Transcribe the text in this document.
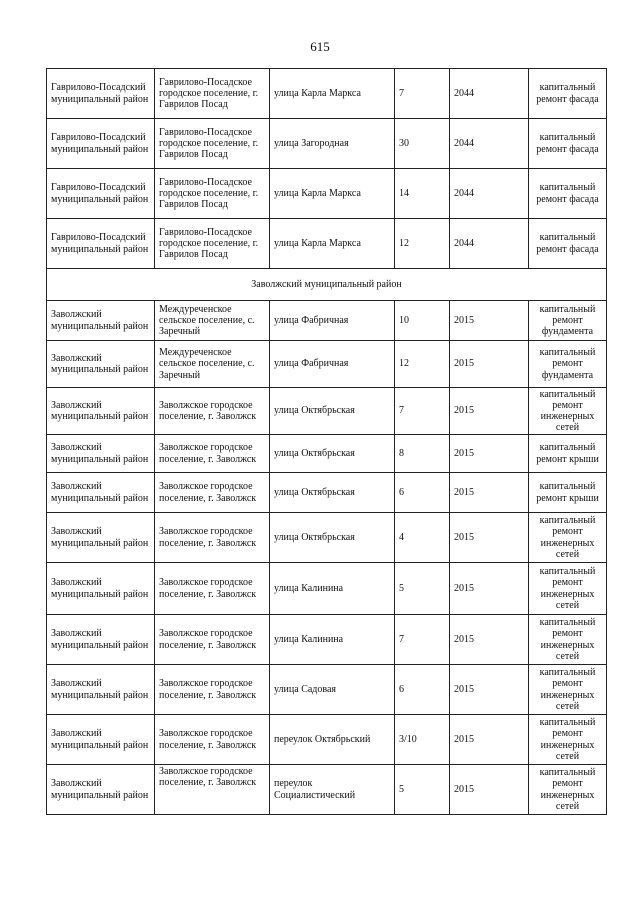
615
Гаврилово-Посадский муниципальный район	Гаврилово-Посадское городское поселение, г. Гаврилов Посад	улица Карла Маркса	7	2044	капитальный ремонт фасада
Гаврилово-Посадский муниципальный район	Гаврилово-Посадское городское поселение, г. Гаврилов Посад	улица Загородная	30	2044	капитальный ремонт фасада
Гаврилово-Посадский муниципальный район	Гаврилово-Посадское городское поселение, г. Гаврилов Посад	улица Карла Маркса	14	2044	капитальный ремонт фасада
Гаврилово-Посадский муниципальный район	Гаврилово-Посадское городское поселение, г. Гаврилов Посад	улица Карла Маркса	12	2044	капитальный ремонт фасада
Заволжский муниципальный район					
Заволжский муниципальный район	Междуреченское сельское поселение, с. Заречный	улица Фабричная	10	2015	капитальный ремонт фундамента
Заволжский муниципальный район	Междуреченское сельское поселение, с. Заречный	улица Фабричная	12	2015	капитальный ремонт фундамента
Заволжский муниципальный район	Заволжское городское поселение, г. Заволжск	улица Октябрьская	7	2015	капитальный ремонт инженерных сетей
Заволжский муниципальный район	Заволжское городское поселение, г. Заволжск	улица Октябрьская	8	2015	капитальный ремонт крыши
Заволжский муниципальный район	Заволжское городское поселение, г. Заволжск	улица Октябрьская	6	2015	капитальный ремонт крыши
Заволжский муниципальный район	Заволжское городское поселение, г. Заволжск	улица Октябрьская	4	2015	капитальный ремонт инженерных сетей
Заволжский муниципальный район	Заволжское городское поселение, г. Заволжск	улица Калинина	5	2015	капитальный ремонт инженерных сетей
Заволжский муниципальный район	Заволжское городское поселение, г. Заволжск	улица Калинина	7	2015	капитальный ремонт инженерных сетей
Заволжский муниципальный район	Заволжское городское поселение, г. Заволжск	улица Садовая	6	2015	капитальный ремонт инженерных сетей
Заволжский муниципальный район	Заволжское городское поселение, г. Заволжск	переулок Октябрьский	3/10	2015	капитальный ремонт инженерных сетей
Заволжский муниципальный район	Заволжское городское поселение, г. Заволжск	переулок Социалистический	5	2015	капитальный ремонт инженерных сетей
